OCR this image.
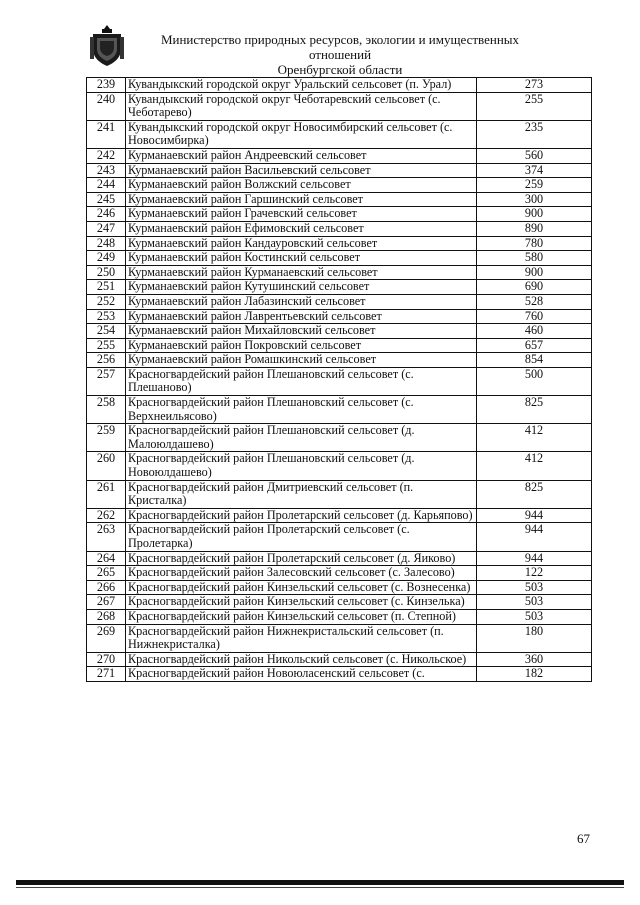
Министерство природных ресурсов, экологии и имущественных отношений
Оренбургской области
239	Кувандыкский городской округ Уральский сельсовет (п. Урал)	273
240	Кувандыкский городской округ Чеботаревский сельсовет (с. Чеботарево)	255
241	Кувандыкский городской округ Новосимбирский сельсовет (с. Новосимбирка)	235
242	Курманаевский район Андреевский сельсовет	560
243	Курманаевский район Васильевский сельсовет	374
244	Курманаевский район Волжский сельсовет	259
245	Курманаевский район Гаршинский сельсовет	300
246	Курманаевский район Грачевский сельсовет	900
247	Курманаевский район Ефимовский сельсовет	890
248	Курманаевский район Кандауровский сельсовет	780
249	Курманаевский район Костинский сельсовет	580
250	Курманаевский район Курманаевский сельсовет	900
251	Курманаевский район Кутушинский сельсовет	690
252	Курманаевский район Лабазинский сельсовет	528
253	Курманаевский район Лаврентьевский сельсовет	760
254	Курманаевский район Михайловский сельсовет	460
255	Курманаевский район Покровский сельсовет	657
256	Курманаевский район Ромашкинский сельсовет	854
257	Красногвардейский район Плешановский сельсовет (с. Плешаново)	500
258	Красногвардейский район Плешановский сельсовет (с. Верхнеильясово)	825
259	Красногвардейский район Плешановский сельсовет (д. Малоюлдашево)	412
260	Красногвардейский район Плешановский сельсовет (д. Новоюлдашево)	412
261	Красногвардейский район Дмитриевский сельсовет (п. Кристалка)	825
262	Красногвардейский район Пролетарский сельсовет (д. Карьяпово)	944
263	Красногвардейский район Пролетарский сельсовет (с. Пролетарка)	944
264	Красногвардейский район Пролетарский сельсовет (д. Яиково)	944
265	Красногвардейский район Залесовский сельсовет (с. Залесово)	122
266	Красногвардейский район Кинзельский сельсовет (с. Вознесенка)	503
267	Красногвардейский район Кинзельский сельсовет (с. Кинзелька)	503
268	Красногвардейский район Кинзельский сельсовет (п. Степной)	503
269	Красногвардейский район Нижнекристальский сельсовет (п. Нижнекристалка)	180
270	Красногвардейский район Никольский сельсовет (с. Никольское)	360
271	Красногвардейский район Новоюласенский сельсовет (с.	182
67
